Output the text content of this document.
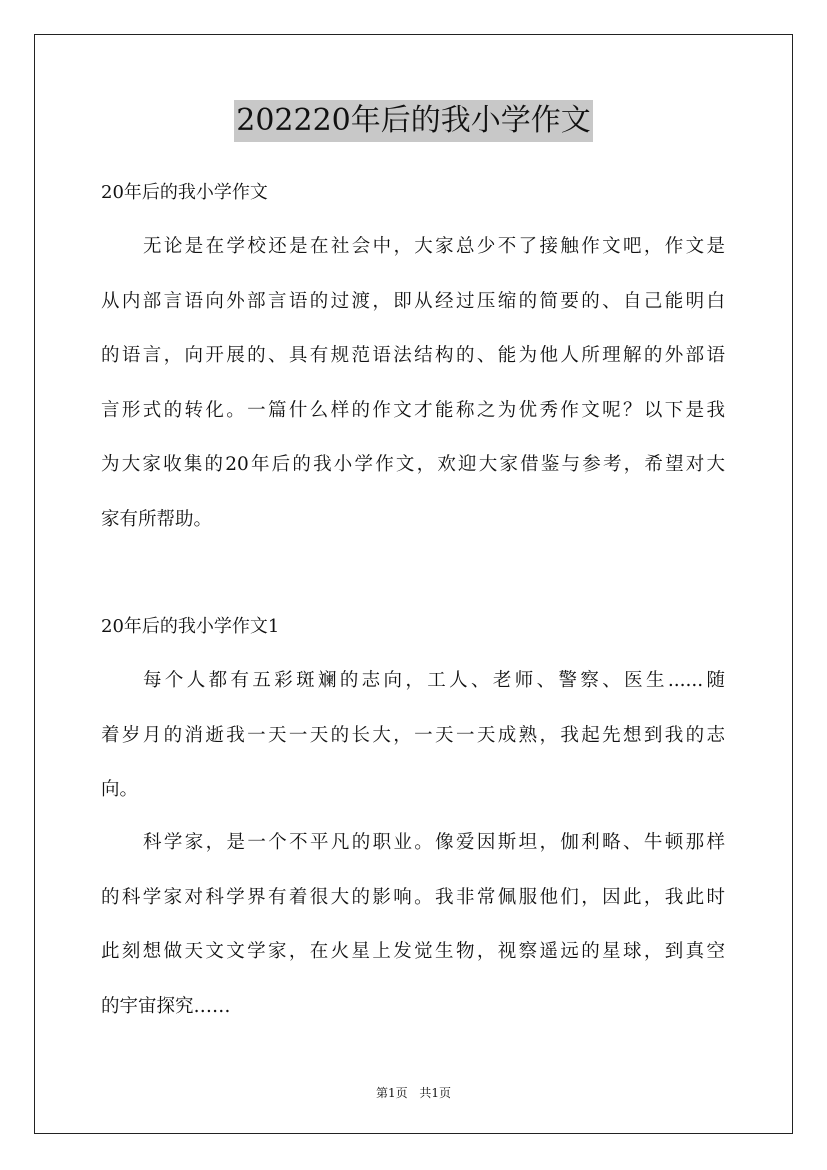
202220年后的我小学作文
20年后的我小学作文
无论是在学校还是在社会中，大家总少不了接触作文吧，作文是
从内部言语向外部言语的过渡，即从经过压缩的简要的、自己能明白
的语言，向开展的、具有规范语法结构的、能为他人所理解的外部语
言形式的转化。一篇什么样的作文才能称之为优秀作文呢？以下是我
为大家收集的20年后的我小学作文，欢迎大家借鉴与参考，希望对大
家有所帮助。
20年后的我小学作文1
每个人都有五彩斑斓的志向，工人、老师、警察、医生......随
着岁月的消逝我一天一天的长大，一天一天成熟，我起先想到我的志
向。
科学家，是一个不平凡的职业。像爱因斯坦，伽利略、牛顿那样
的科学家对科学界有着很大的影响。我非常佩服他们，因此，我此时
此刻想做天文文学家，在火星上发觉生物，视察遥远的星球，到真空
的宇宙探究……
第1页 共1页
